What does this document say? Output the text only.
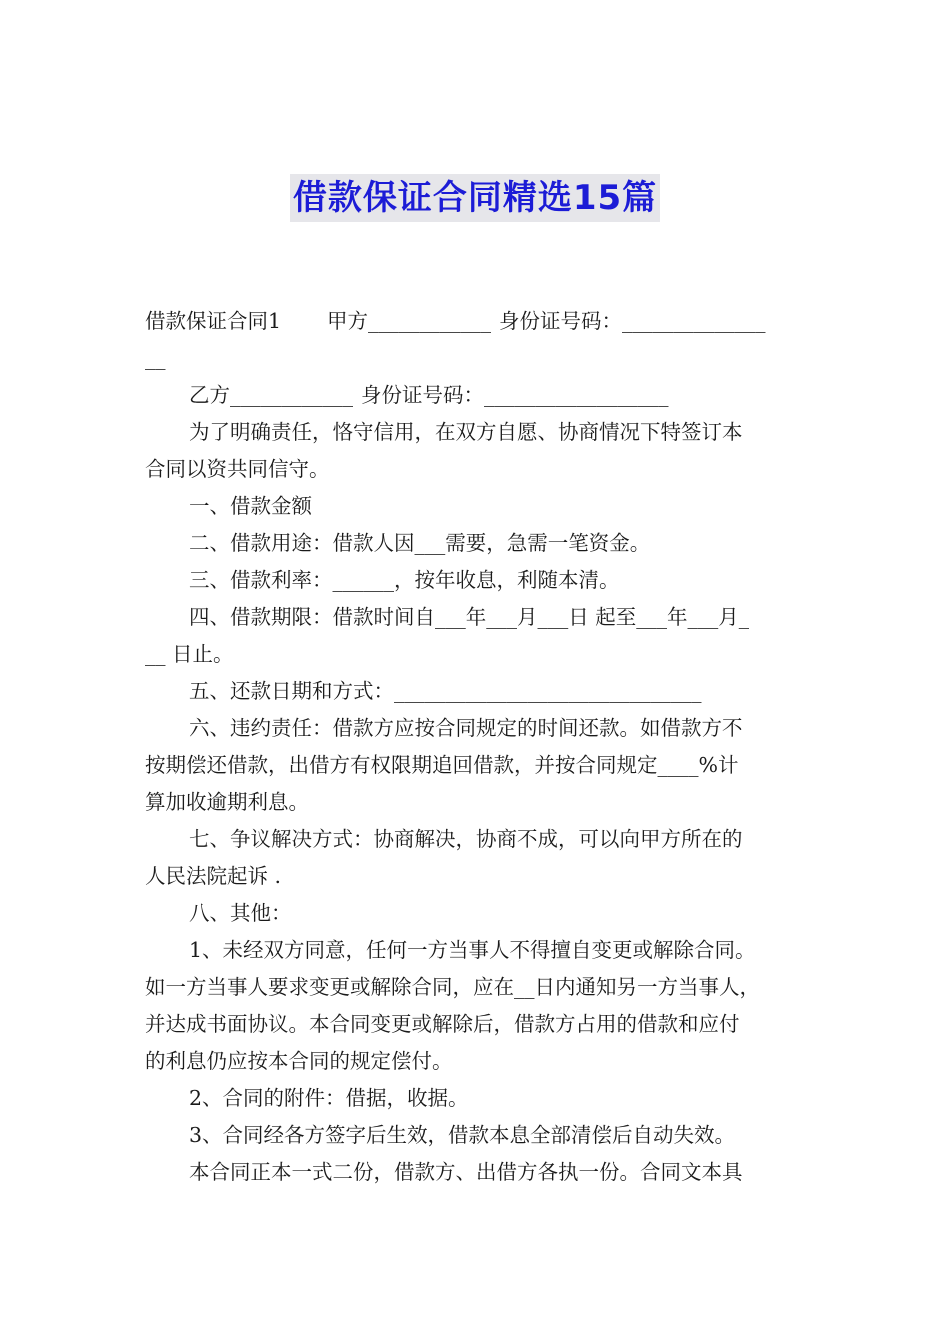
借款保证合同精选15篇

借款保证合同1 甲方____________ 身份证号码：______________

__

乙方____________ 身份证号码：__________________

为了明确责任，恪守信用，在双方自愿、协商情况下特签订本

合同以资共同信守。

一、借款金额

二、借款用途：借款人因___需要，急需一笔资金。

三、借款利率：______，按年收息，利随本清。

四、借款期限：借款时间自___年___月___日 起至___年___月_

__ 日止。

五、还款日期和方式：______________________________

六、违约责任：借款方应按合同规定的时间还款。如借款方不

按期偿还借款，出借方有权限期追回借款，并按合同规定____%计

算加收逾期利息。

七、争议解决方式：协商解决，协商不成，可以向甲方所在的

人民法院起诉 .

八、其他：

1、未经双方同意，任何一方当事人不得擅自变更或解除合同。

如一方当事人要求变更或解除合同，应在__日内通知另一方当事人，

并达成书面协议。本合同变更或解除后，借款方占用的借款和应付

的利息仍应按本合同的规定偿付。

2、合同的附件：借据，收据。

3、合同经各方签字后生效，借款本息全部清偿后自动失效。

本合同正本一式二份，借款方、出借方各执一份。合同文本具
